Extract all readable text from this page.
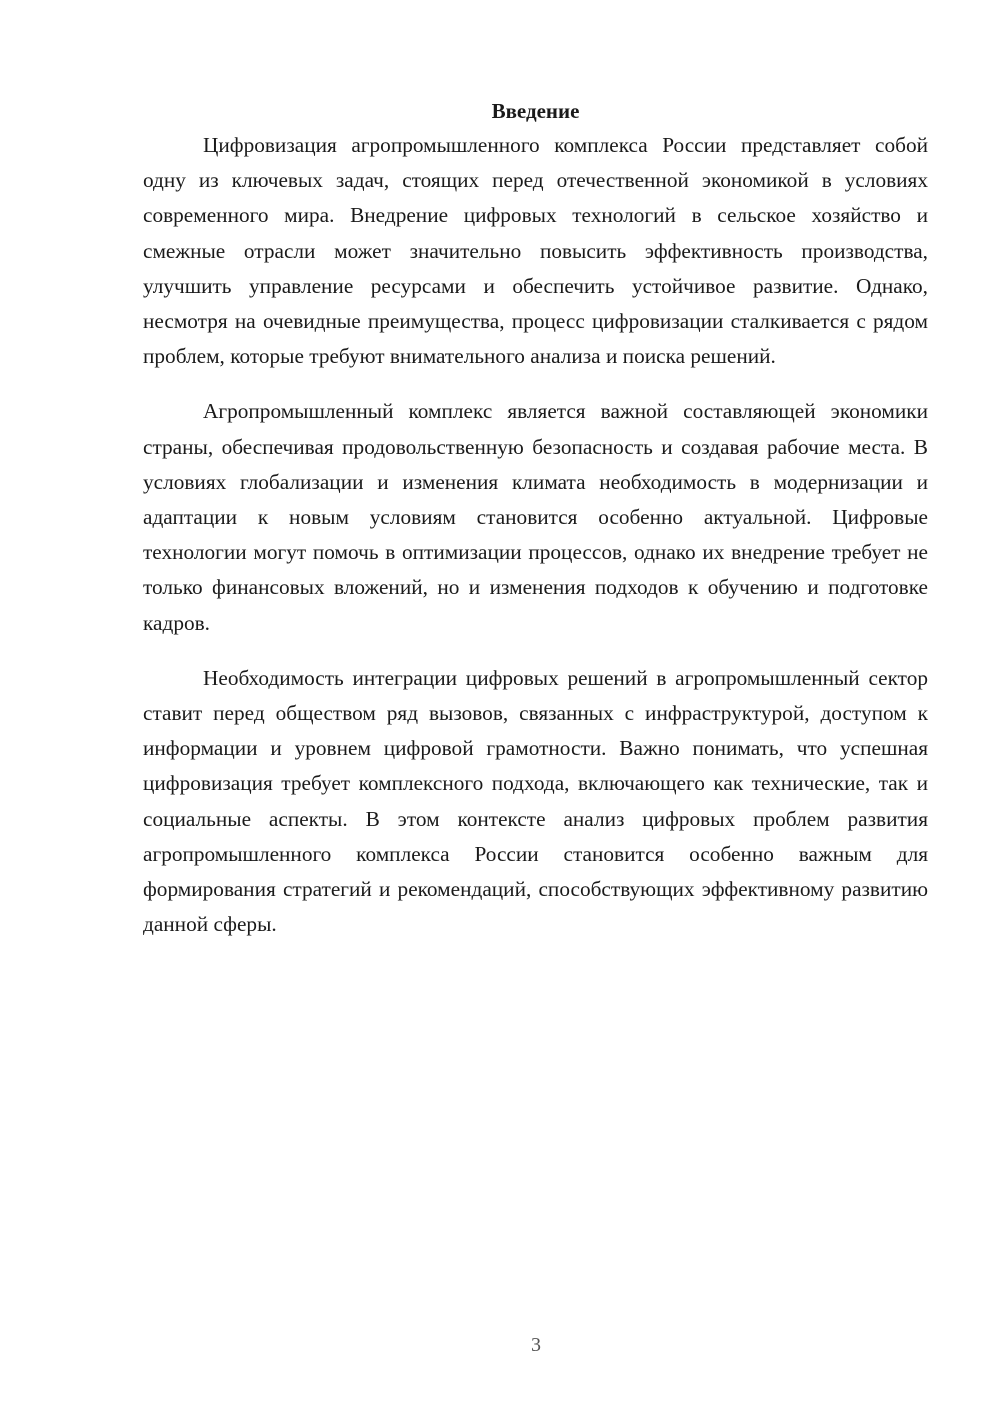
Введение

Цифровизация агропромышленного комплекса России представляет собой одну из ключевых задач, стоящих перед отечественной экономикой в условиях современного мира. Внедрение цифровых технологий в сельское хозяйство и смежные отрасли может значительно повысить эффективность производства, улучшить управление ресурсами и обеспечить устойчивое развитие. Однако, несмотря на очевидные преимущества, процесс цифровизации сталкивается с рядом проблем, которые требуют внимательного анализа и поиска решений.

Агропромышленный комплекс является важной составляющей экономики страны, обеспечивая продовольственную безопасность и создавая рабочие места. В условиях глобализации и изменения климата необходимость в модернизации и адаптации к новым условиям становится особенно актуальной. Цифровые технологии могут помочь в оптимизации процессов, однако их внедрение требует не только финансовых вложений, но и изменения подходов к обучению и подготовке кадров.

Необходимость интеграции цифровых решений в агропромышленный сектор ставит перед обществом ряд вызовов, связанных с инфраструктурой, доступом к информации и уровнем цифровой грамотности. Важно понимать, что успешная цифровизация требует комплексного подхода, включающего как технические, так и социальные аспекты. В этом контексте анализ цифровых проблем развития агропромышленного комплекса России становится особенно важным для формирования стратегий и рекомендаций, способствующих эффективному развитию данной сферы.

3
